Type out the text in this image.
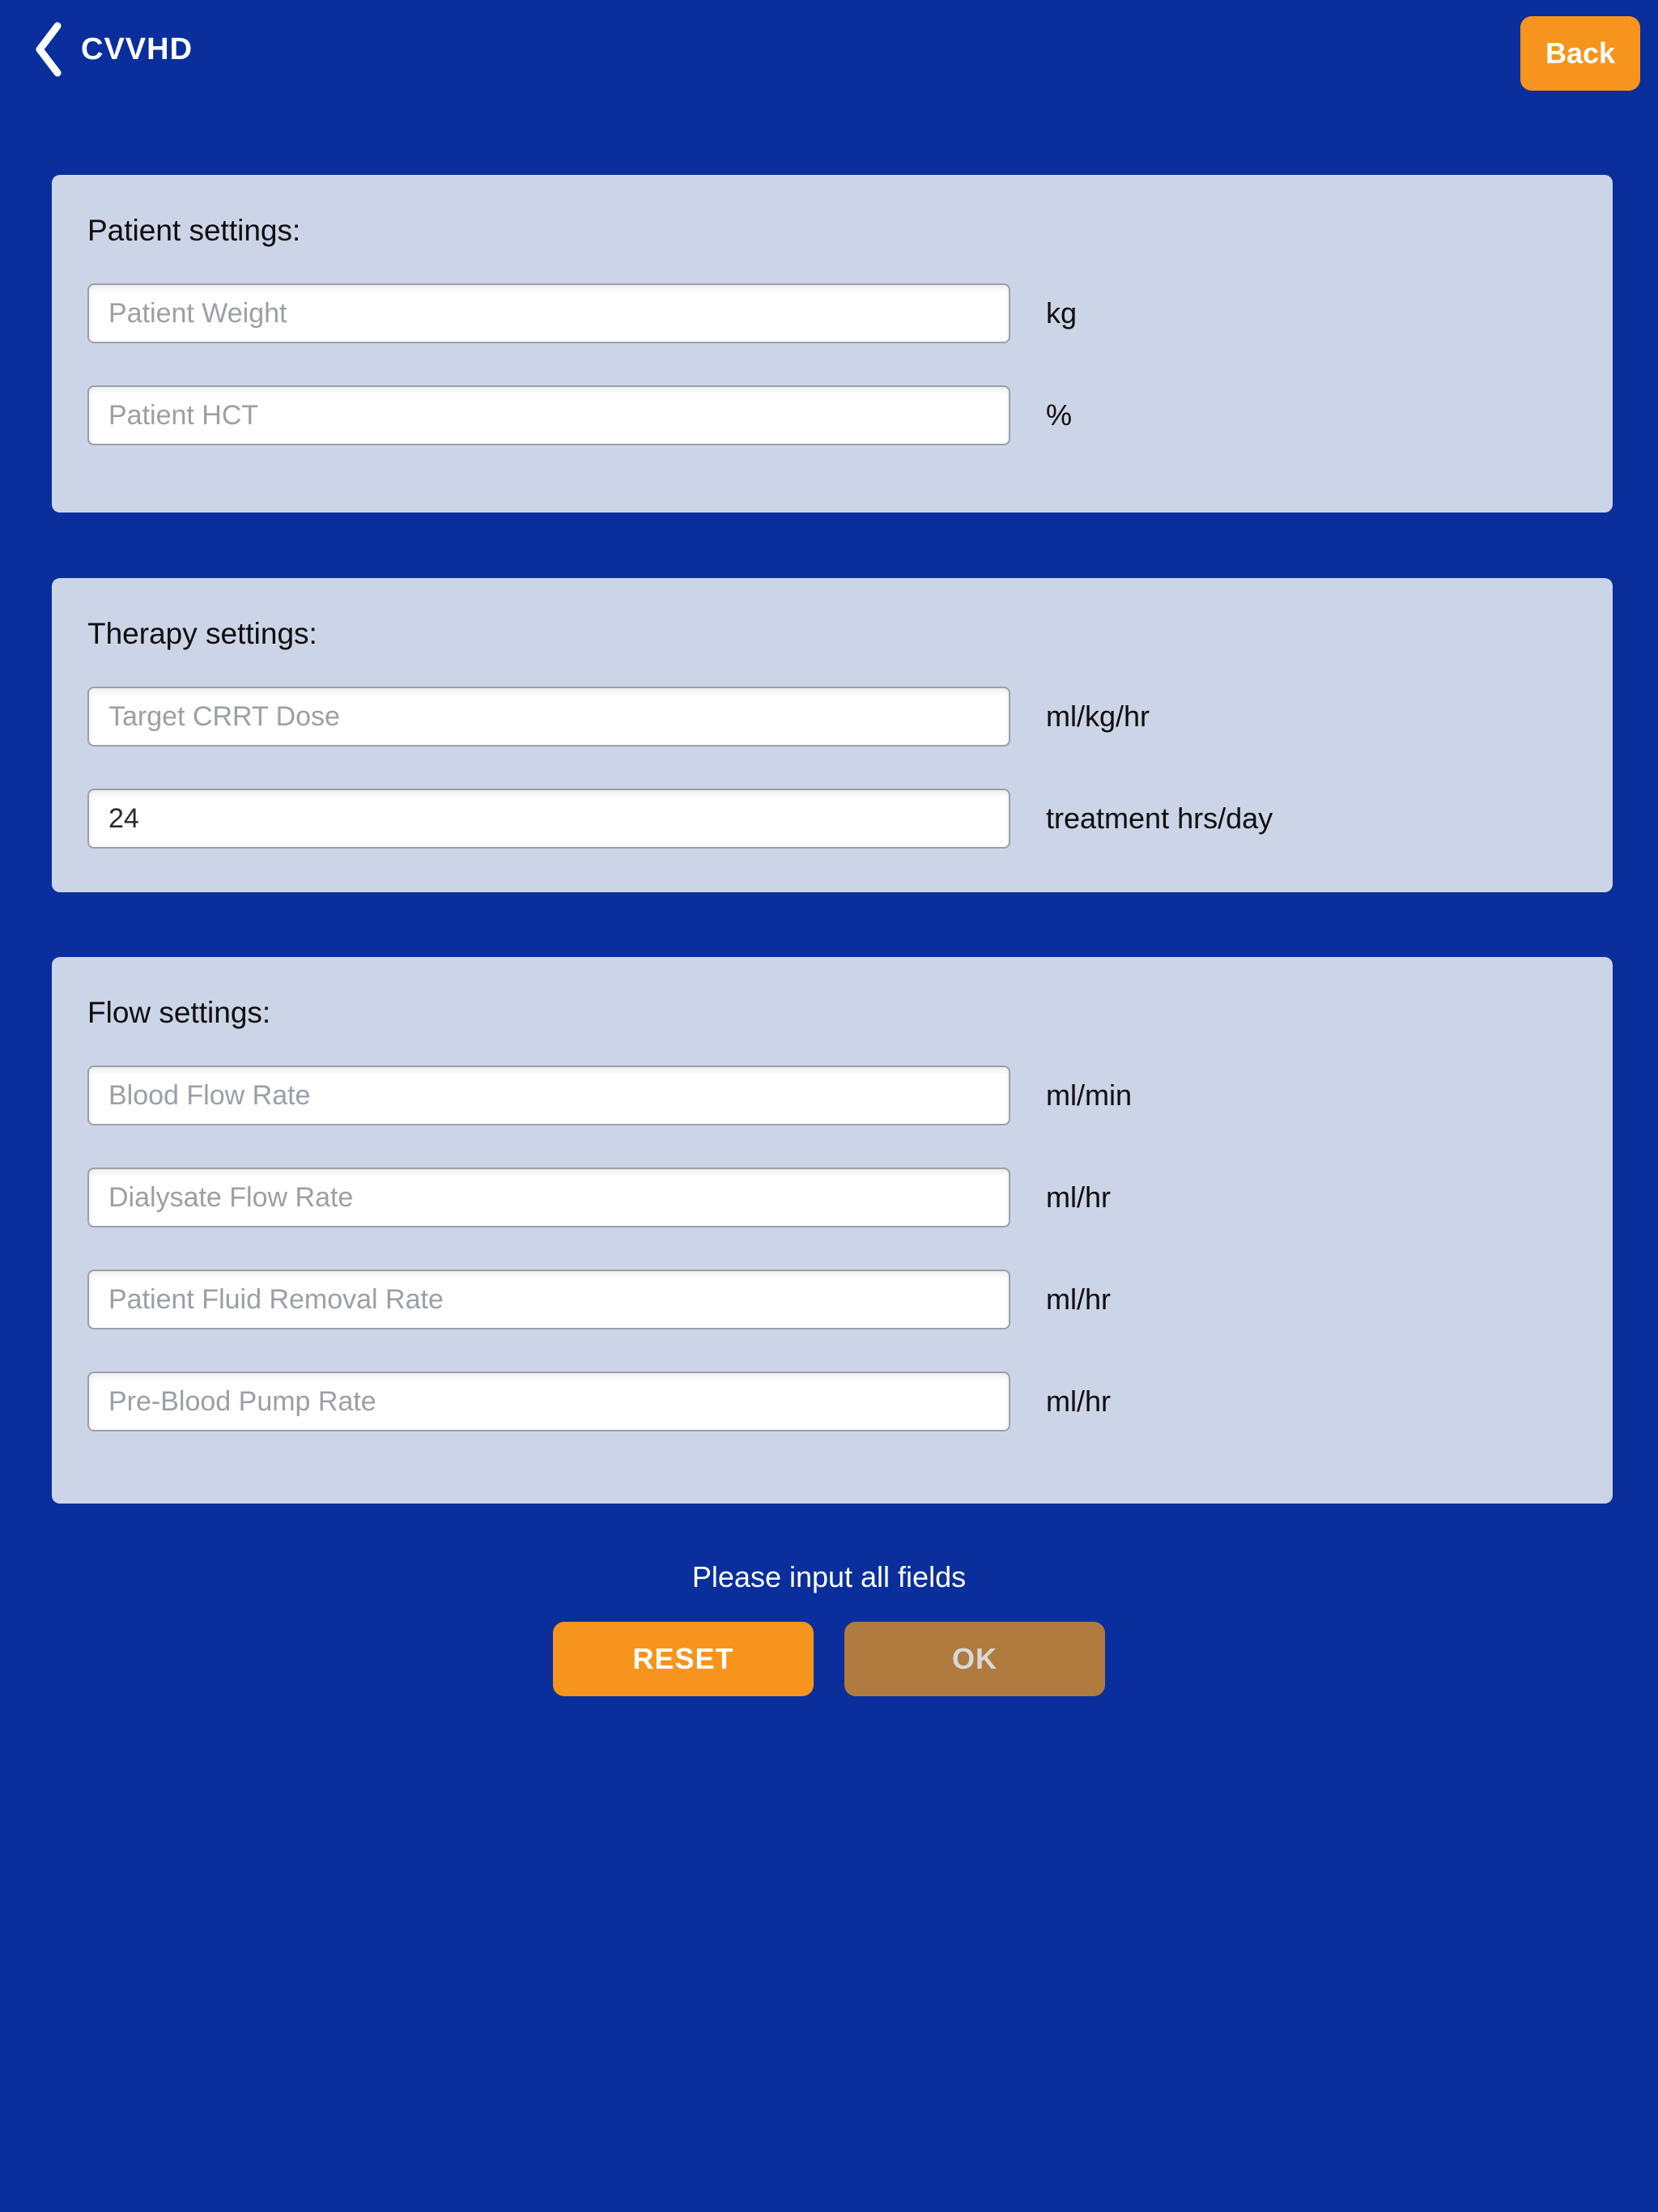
CVVHD	Back
Patient settings:
Patient Weight
kg
Patient HCT
%
Therapy settings:
Target CRRT Dose
ml/kg/hr
24
treatment hrs/day
Flow settings:
Blood Flow Rate
ml/min
Dialysate Flow Rate
ml/hr
Patient Fluid Removal Rate
ml/hr
Pre-Blood Pump Rate
ml/hr

Please input all fields

RESET	OK
